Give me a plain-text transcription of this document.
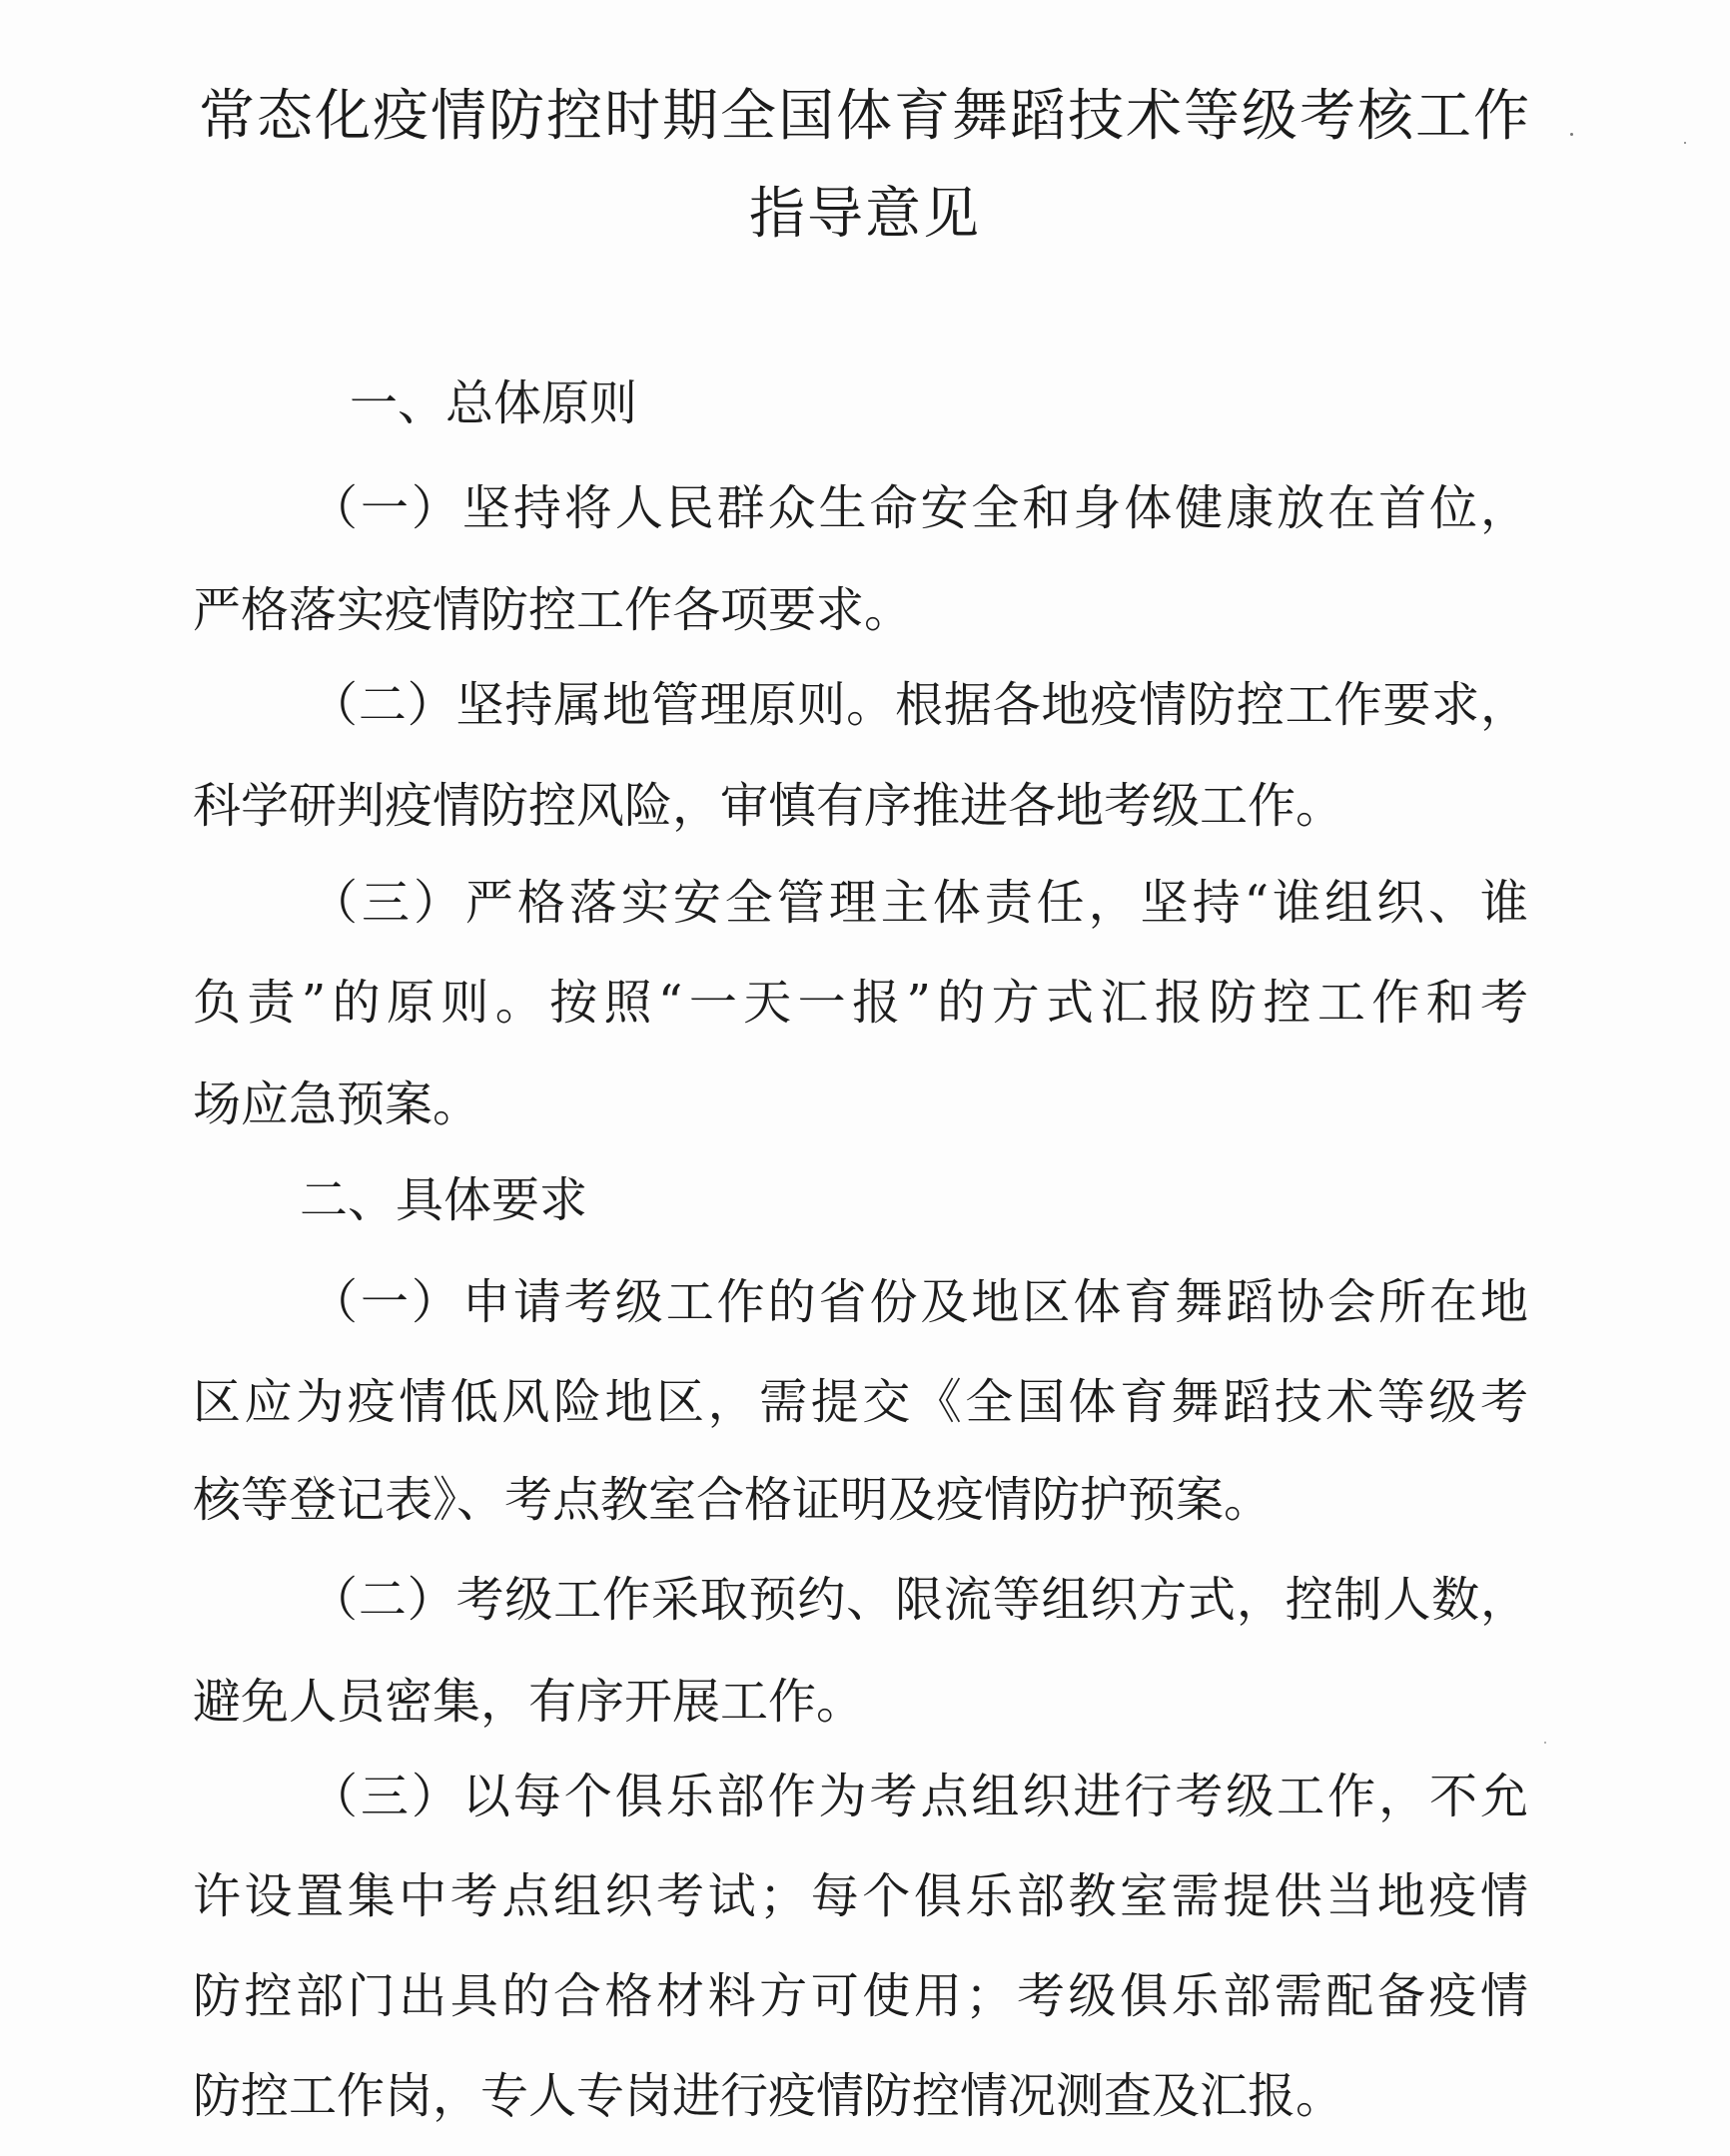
常态化疫情防控时期全国体育舞蹈技术等级考核工作
指导意见
一、总体原则
（一）坚持将人民群众生命安全和身体健康放在首位，
严格落实疫情防控工作各项要求。
（二）坚持属地管理原则。根据各地疫情防控工作要求，
科学研判疫情防控风险，审慎有序推进各地考级工作。
（三）严格落实安全管理主体责任，坚持“谁组织、谁
负责”的原则。按照“一天一报”的方式汇报防控工作和考
场应急预案。
二、具体要求
（一）申请考级工作的省份及地区体育舞蹈协会所在地
区应为疫情低风险地区，需提交《全国体育舞蹈技术等级考
核等登记表》、考点教室合格证明及疫情防护预案。
（二）考级工作采取预约、限流等组织方式，控制人数，
避免人员密集，有序开展工作。
（三）以每个俱乐部作为考点组织进行考级工作，不允
许设置集中考点组织考试；每个俱乐部教室需提供当地疫情
防控部门出具的合格材料方可使用；考级俱乐部需配备疫情
防控工作岗，专人专岗进行疫情防控情况测查及汇报。
